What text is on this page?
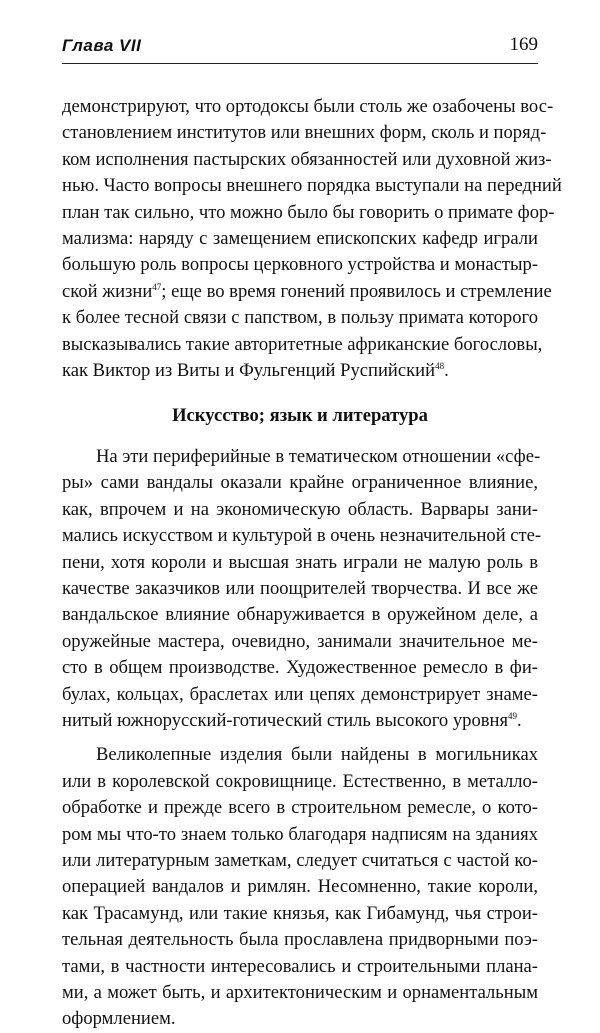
Глава VII	169
демонстрируют, что ортодоксы были столь же озабочены вос-
становлением институтов или внешних форм, сколь и поряд-
ком исполнения пастырских обязанностей или духовной жиз-
нью. Часто вопросы внешнего порядка выступали на передний
план так сильно, что можно было бы говорить о примате фор-
мализма: наряду с замещением епископских кафедр играли
большую роль вопросы церковного устройства и монастыр-
ской жизни$^{47}$; еще во время гонений проявилось и стремление
к более тесной связи с папством, в пользу примата которого
высказывались такие авторитетные африканские богословы,
как Виктор из Виты и Фульгенций Руспийский$^{48}$.
Искусство; язык и литература
На эти периферийные в тематическом отношении «сфе-
ры» сами вандалы оказали крайне ограниченное влияние,
как, впрочем и на экономическую область. Варвары зани-
мались искусством и культурой в очень незначительной сте-
пени, хотя короли и высшая знать играли не малую роль в
качестве заказчиков или поощрителей творчества. И все же
вандальское влияние обнаруживается в оружейном деле, а
оружейные мастера, очевидно, занимали значительное ме-
сто в общем производстве. Художественное ремесло в фи-
булах, кольцах, браслетах или цепях демонстрирует знаме-
нитый южнорусский-готический стиль высокого уровня$^{49}$.
Великолепные изделия были найдены в могильниках
или в королевской сокровищнице. Естественно, в металло-
обработке и прежде всего в строительном ремесле, о кото-
ром мы что-то знаем только благодаря надписям на зданиях
или литературным заметкам, следует считаться с частой ко-
операцией вандалов и римлян. Несомненно, такие короли,
как Трасамунд, или такие князья, как Гибамунд, чья строи-
тельная деятельность была прославлена придворными поэ-
тами, в частности интересовались и строительными плана-
ми, а может быть, и архитектоническим и орнаментальным
оформлением.
